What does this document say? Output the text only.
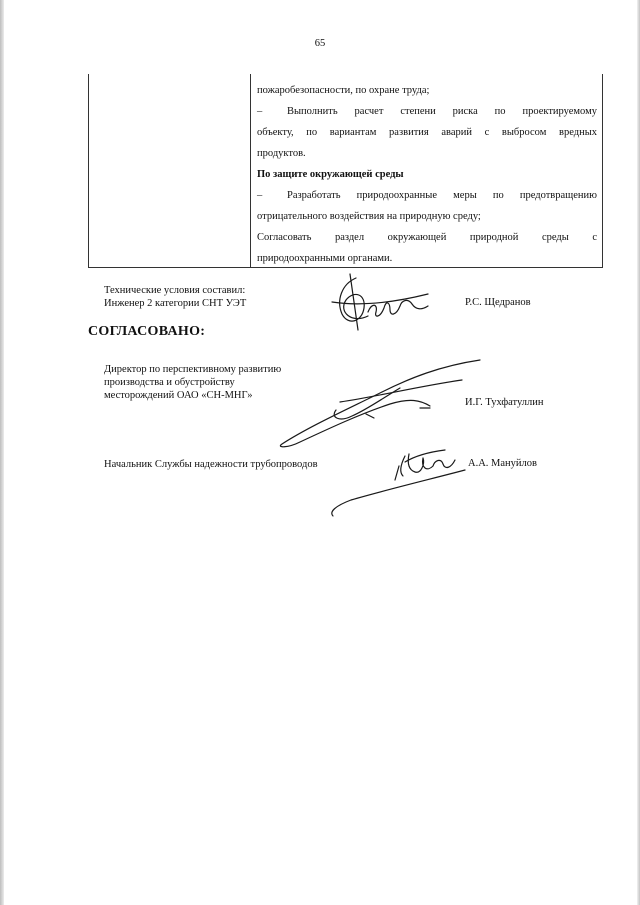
65

пожаробезопасности, по охране труда;

– Выполнить расчет степени риска по проектируемому

объекту, по вариантам развития аварий с выбросом вредных

продуктов.

По защите окружающей среды

– Разработать природоохранные меры по предотвращению

отрицательного воздействия на природную среду;

Согласовать раздел окружающей природной среды с

природоохранными органами.

Технические условия составил:
Инженер 2 категории СНТ УЭТ	Р.С. Щедранов
СОГЛАСОВАНО:
Директор по перспективному развитию
производства и обустройству
месторождений ОАО «СН-МНГ»
И.Г. Тухфатуллин
Начальник Службы надежности трубопроводов	А.А. Мануйлов
